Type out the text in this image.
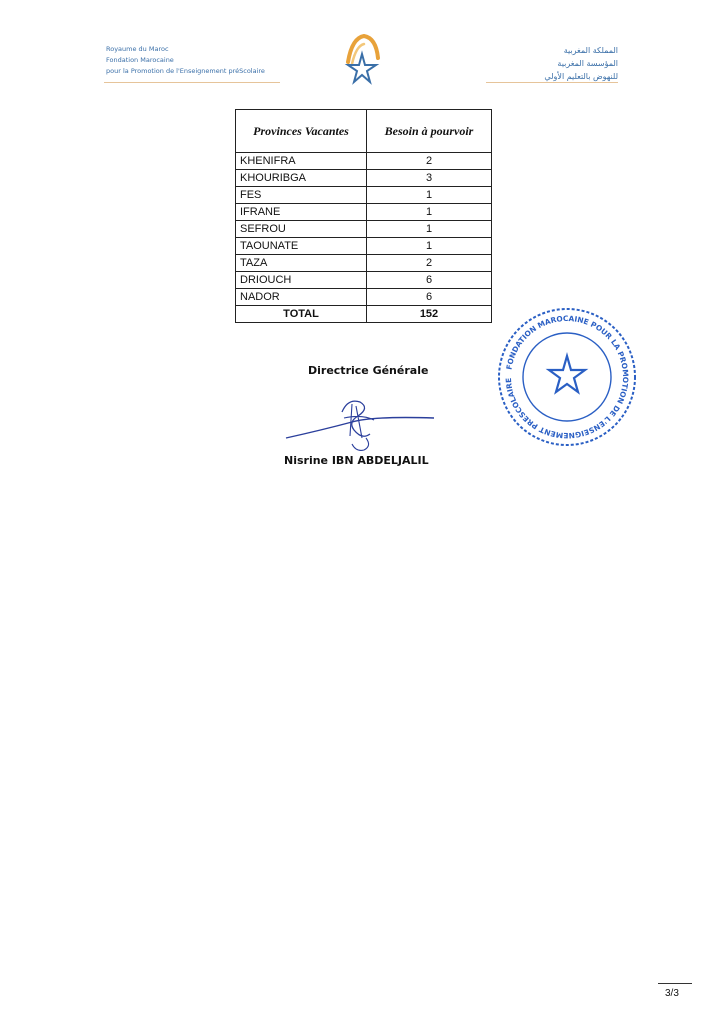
Royaume du Maroc
Fondation Marocaine
pour la Promotion de l'Enseignement préScolaire
المملكة المغربية
المؤسسة المغربية
للنهوض بالتعليم الأولي
Provinces Vacantes	Besoin à pourvoir
KHENIFRA	2
KHOURIBGA	3
FES	1
IFRANE	1
SEFROU	1
TAOUNATE	1
TAZA	2
DRIOUCH	6
NADOR	6
TOTAL	152
FONDATION MAROCAINE POUR LA PROMOTION DE L'ENSEIGNEMENT PRESCOLAIRE
Directrice Générale
Nisrine IBN ABDELJALIL
3/3
